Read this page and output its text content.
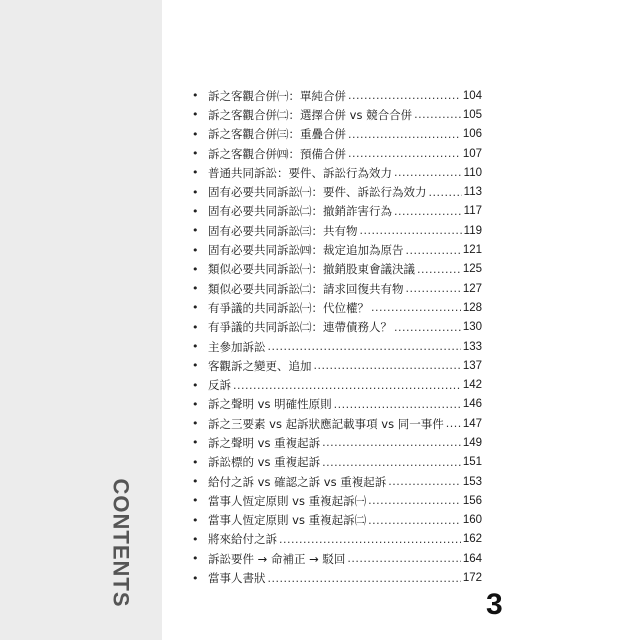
CONTENTS
• 訴之客觀合併㈠：單純合併 .....	104
• 訴之客觀合併㈡：選擇合併 vs 競合合併 .....	105
• 訴之客觀合併㈢：重疊合併 .....	106
• 訴之客觀合併㈣：預備合併 .....	107
• 普通共同訴訟：要件、訴訟行為效力 .....	110
• 固有必要共同訴訟㈠：要件、訴訟行為效力 .....	113
• 固有必要共同訴訟㈡：撤銷詐害行為 .....	117
• 固有必要共同訴訟㈢：共有物 .....	119
• 固有必要共同訴訟㈣：裁定追加為原告 .....	121
• 類似必要共同訴訟㈠：撤銷股東會議決議 .....	125
• 類似必要共同訴訟㈡：請求回復共有物 .....	127
• 有爭議的共同訴訟㈠：代位權？ .....	128
• 有爭議的共同訴訟㈡：連帶債務人？ .....	130
• 主參加訴訟 .....	133
• 客觀訴之變更、追加 .....	137
• 反訴 .....	142
• 訴之聲明 vs 明確性原則 .....	146
• 訴之三要素 vs 起訴狀應記載事項 vs 同一事件 ..... 147
• 訴之聲明 vs 重複起訴 .....	149
• 訴訟標的 vs 重複起訴 .....	151
• 給付之訴 vs 確認之訴 vs 重複起訴 .....	153
• 當事人恆定原則 vs 重複起訴㈠ .....	156
• 當事人恆定原則 vs 重複起訴㈡ .....	160
• 將來給付之訴 .....	162
• 訴訟要件 → 命補正 → 駁回 .....	164
• 當事人書狀 .....	172
3
